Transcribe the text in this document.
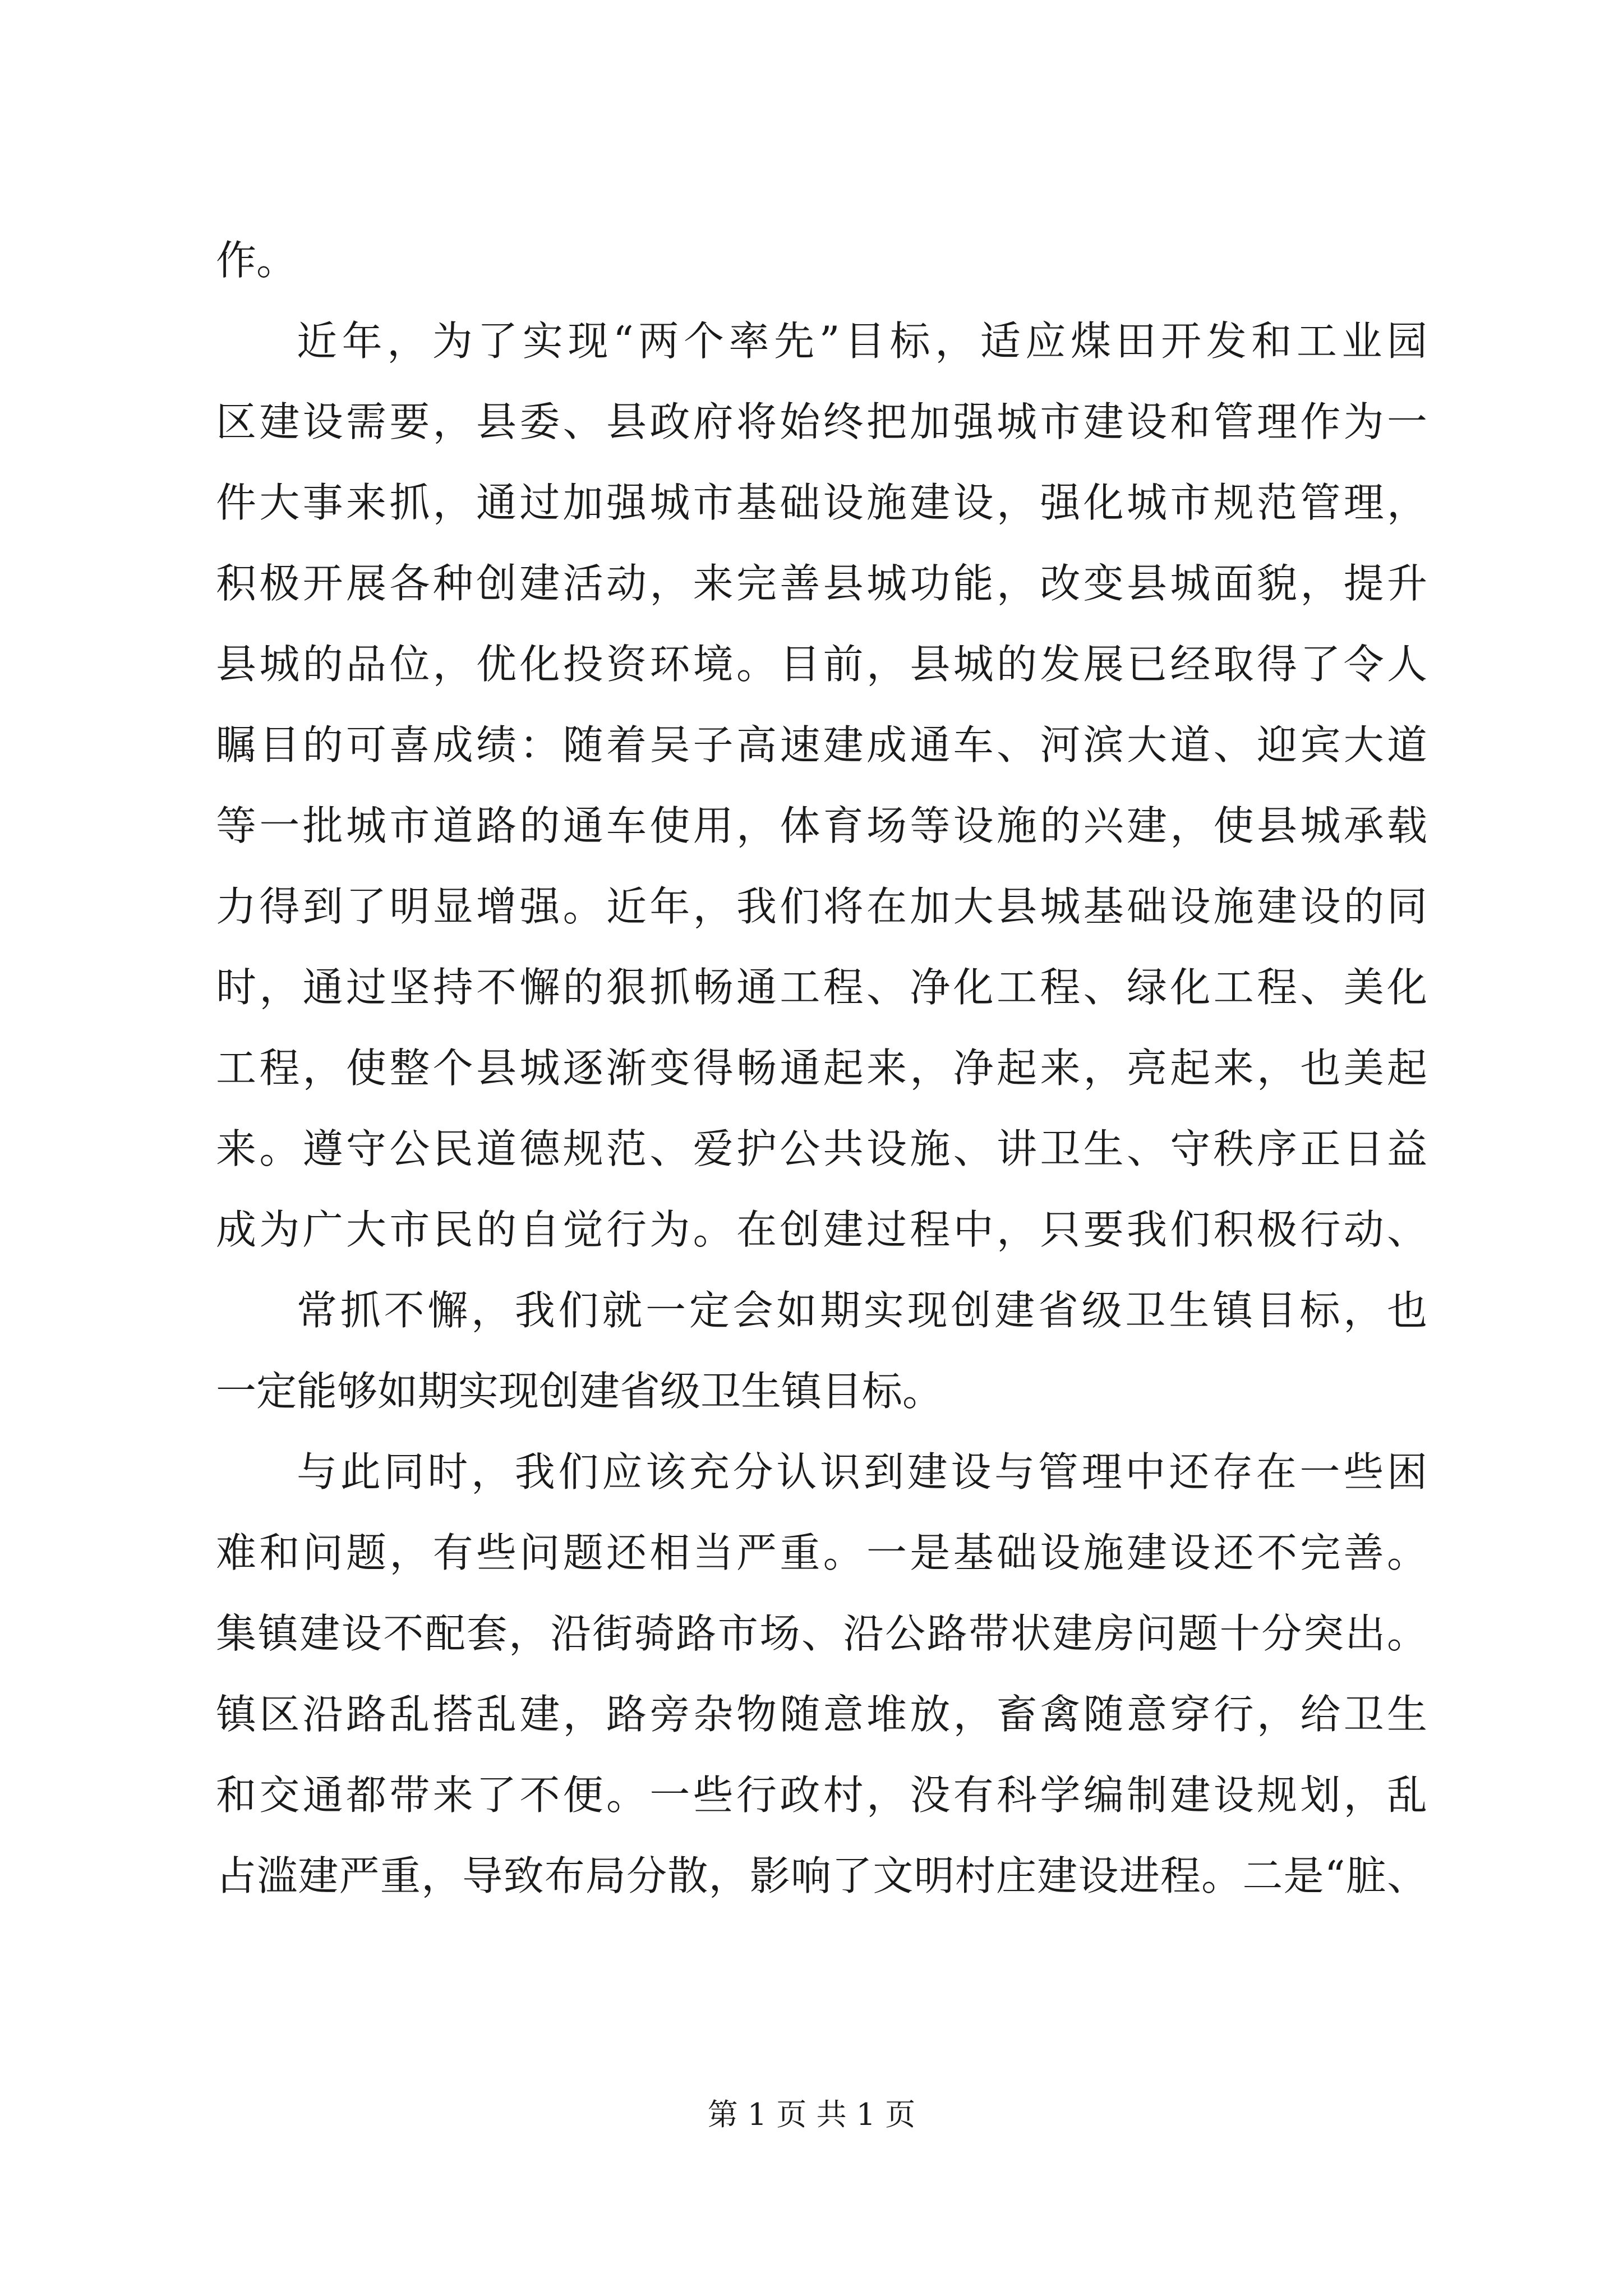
作。
近年，为了实现“两个率先”目标，适应煤田开发和工业园
区建设需要，县委、县政府将始终把加强城市建设和管理作为一
件大事来抓，通过加强城市基础设施建设，强化城市规范管理，
积极开展各种创建活动，来完善县城功能，改变县城面貌，提升
县城的品位，优化投资环境。目前，县城的发展已经取得了令人
瞩目的可喜成绩：随着吴子高速建成通车、河滨大道、迎宾大道
等一批城市道路的通车使用，体育场等设施的兴建，使县城承载
力得到了明显增强。近年，我们将在加大县城基础设施建设的同
时，通过坚持不懈的狠抓畅通工程、净化工程、绿化工程、美化
工程，使整个县城逐渐变得畅通起来，净起来，亮起来，也美起
来。遵守公民道德规范、爱护公共设施、讲卫生、守秩序正日益
成为广大市民的自觉行为。在创建过程中，只要我们积极行动、
常抓不懈，我们就一定会如期实现创建省级卫生镇目标，也
一定能够如期实现创建省级卫生镇目标。
与此同时，我们应该充分认识到建设与管理中还存在一些困
难和问题，有些问题还相当严重。一是基础设施建设还不完善。
集镇建设不配套，沿街骑路市场、沿公路带状建房问题十分突出。
镇区沿路乱搭乱建，路旁杂物随意堆放，畜禽随意穿行，给卫生
和交通都带来了不便。一些行政村，没有科学编制建设规划，乱
占滥建严重，导致布局分散，影响了文明村庄建设进程。二是“脏、
第 1 页 共 1 页
